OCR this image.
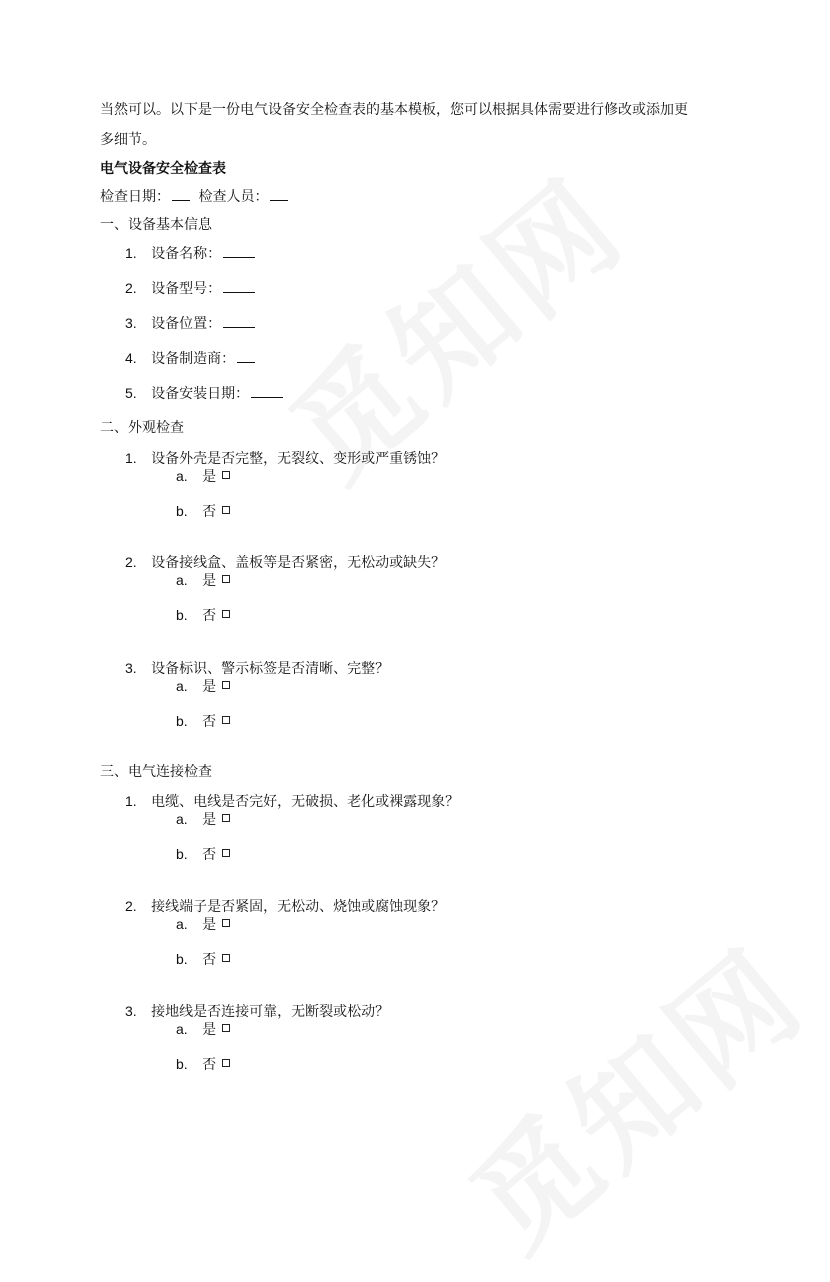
当然可以。以下是一份电气设备安全检查表的基本模板，您可以根据具体需要进行修改或添加更
多细节。
电气设备安全检查表
检查日期： 检查人员：
一、设备基本信息
1. 设备名称：
2. 设备型号：
3. 设备位置：
4. 设备制造商：
5. 设备安装日期：
二、外观检查
1. 设备外壳是否完整，无裂纹、变形或严重锈蚀？
a. 是
b. 否
2. 设备接线盒、盖板等是否紧密，无松动或缺失？
a. 是
b. 否
3. 设备标识、警示标签是否清晰、完整？
a. 是
b. 否
三、电气连接检查
1. 电缆、电线是否完好，无破损、老化或裸露现象？
a. 是
b. 否
2. 接线端子是否紧固，无松动、烧蚀或腐蚀现象？
a. 是
b. 否
3. 接地线是否连接可靠，无断裂或松动？
a. 是
b. 否
